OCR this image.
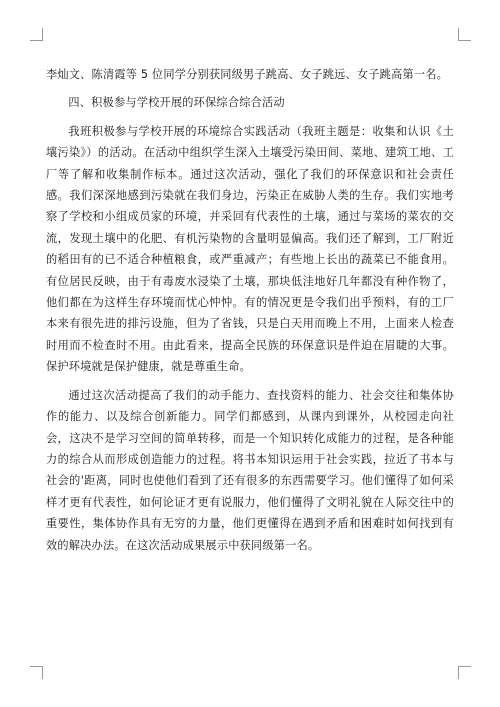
李灿文、陈清霞等 5 位同学分别获同级男子跳高、女子跳远、女子跳高第一名。

四、积极参与学校开展的环保综合综合活动

我班积极参与学校开展的环境综合实践活动（我班主题是：收集和认识《土壤污染》）的活动。在活动中组织学生深入土壤受污染田间、菜地、建筑工地、工厂等了解和收集制作标本。通过这次活动，强化了我们的环保意识和社会责任感。我们深深地感到污染就在我们身边，污染正在威胁人类的生存。我们实地考察了学校和小组成员家的环境，并采回有代表性的土壤，通过与菜场的菜农的交流，发现土壤中的化肥、有机污染物的含量明显偏高。我们还了解到，工厂附近的稻田有的已不适合种植粮食，或严重减产；有些地上长出的蔬菜已不能食用。有位居民反映，由于有毒废水浸染了土壤，那块低洼地好几年都没有种作物了，他们都在为这样生存环境而忧心忡忡。有的情况更是令我们出乎预料，有的工厂本来有很先进的排污设施，但为了省钱，只是白天用而晚上不用，上面来人检查时用而不检查时不用。由此看来，提高全民族的环保意识是件迫在眉睫的大事。保护环境就是保护健康，就是尊重生命。

通过这次活动提高了我们的动手能力、查找资料的能力、社会交往和集体协作的能力、以及综合创新能力。同学们都感到，从课内到课外，从校园走向社会，这决不是学习空间的简单转移，而是一个知识转化成能力的过程，是各种能力的综合从而形成创造能力的过程。将书本知识运用于社会实践，拉近了书本与社会的'距离，同时也使他们看到了还有很多的东西需要学习。他们懂得了如何采样才更有代表性，如何论证才更有说服力，他们懂得了文明礼貌在人际交往中的重要性，集体协作具有无穷的力量，他们更懂得在遇到矛盾和困难时如何找到有效的解决办法。在这次活动成果展示中获同级第一名。
